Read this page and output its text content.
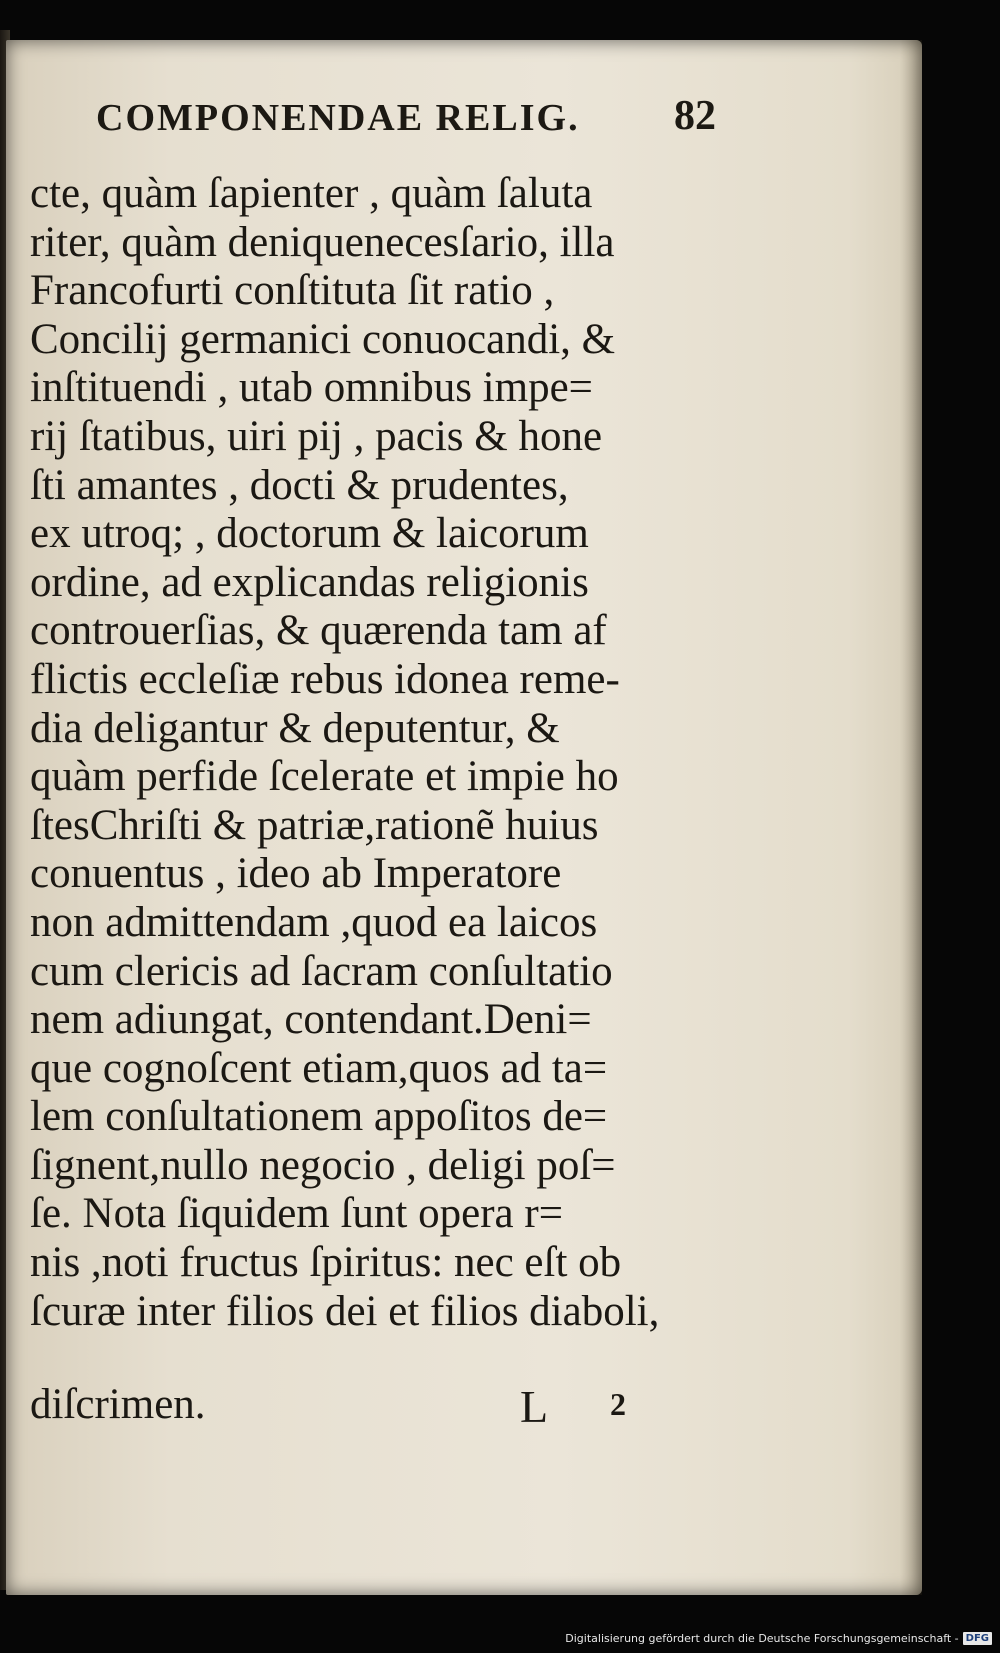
COMPONENDAE RELIG. 82
cte, quàm ſapienter , quàm ſaluta
riter, quàm deniquenecesſario, illa
Francofurti conſtituta ſit ratio ,
Concilij germanici conuocandi, &
inſtituendi , utab omnibus impe=
rij ſtatibus, uiri pij , pacis & hone
ſti amantes , docti & prudentes,
ex utroq; , doctorum & laicorum
ordine, ad explicandas religionis
controuerſias, & quærenda tam af
flictis eccleſiæ rebus idonea reme-
dia deligantur & deputentur, &
quàm perfide ſcelerate et impie ho
ſtesChriſti & patriæ,rationẽ huius
conuentus , ideo ab Imperatore
non admittendam ,quod ea laicos
cum clericis ad ſacram conſultatio
nem adiungat, contendant.Deni=
que cognoſcent etiam,quos ad ta=
lem conſultationem appoſitos de=
ſignent,nullo negocio , deligi poſ=
ſe. Nota ſiquidem ſunt opera r=
nis ,noti fructus ſpiritus: nec eſt ob
ſcuræ inter filios dei et filios diaboli,
diſcrimen.	L 2
Digitalisierung gefördert durch die Deutsche Forschungsgemeinschaft - DFG
